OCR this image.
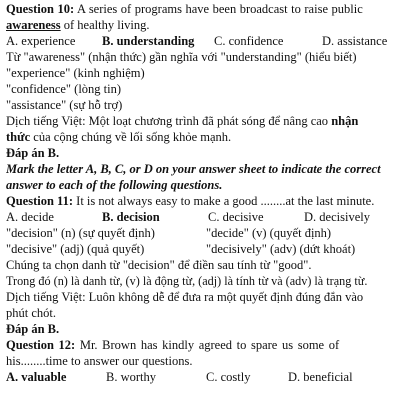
Question 10: A series of programs have been broadcast to raise public
awareness of healthy living.
A. experience	B. understanding	C. confidence	D. assistance
Từ "awareness" (nhận thức) gần nghĩa với "understanding" (hiểu biết)
"experience" (kinh nghiệm)
"confidence" (lòng tin)
"assistance" (sự hỗ trợ)
Dịch tiếng Việt: Một loạt chương trình đã phát sóng để nâng cao nhận
thức của cộng chúng về lối sống khỏe mạnh.
Đáp án B.
Mark the letter A, B, C, or D on your answer sheet to indicate the correct
answer to each of the following questions.
Question 11: It is not always easy to make a good ........at the last minute.
A. decide	B. decision	C. decisive	D. decisively
"decision" (n) (sự quyết định)	"decide" (v) (quyết định)
"decisive" (adj) (quả quyết)	"decisively" (adv) (dứt khoát)
Chúng ta chọn danh từ "decision" để điền sau tính từ "good".
Trong đó (n) là danh từ, (v) là động từ, (adj) là tính từ và (adv) là trạng từ.
Dịch tiếng Việt: Luôn không dễ để đưa ra một quyết định đúng đắn vào
phút chót.
Đáp án B.
Question 12: Mr. Brown has kindly agreed to spare us some of
his........time to answer our questions.
A. valuable	B. worthy	C. costly	D. beneficial
